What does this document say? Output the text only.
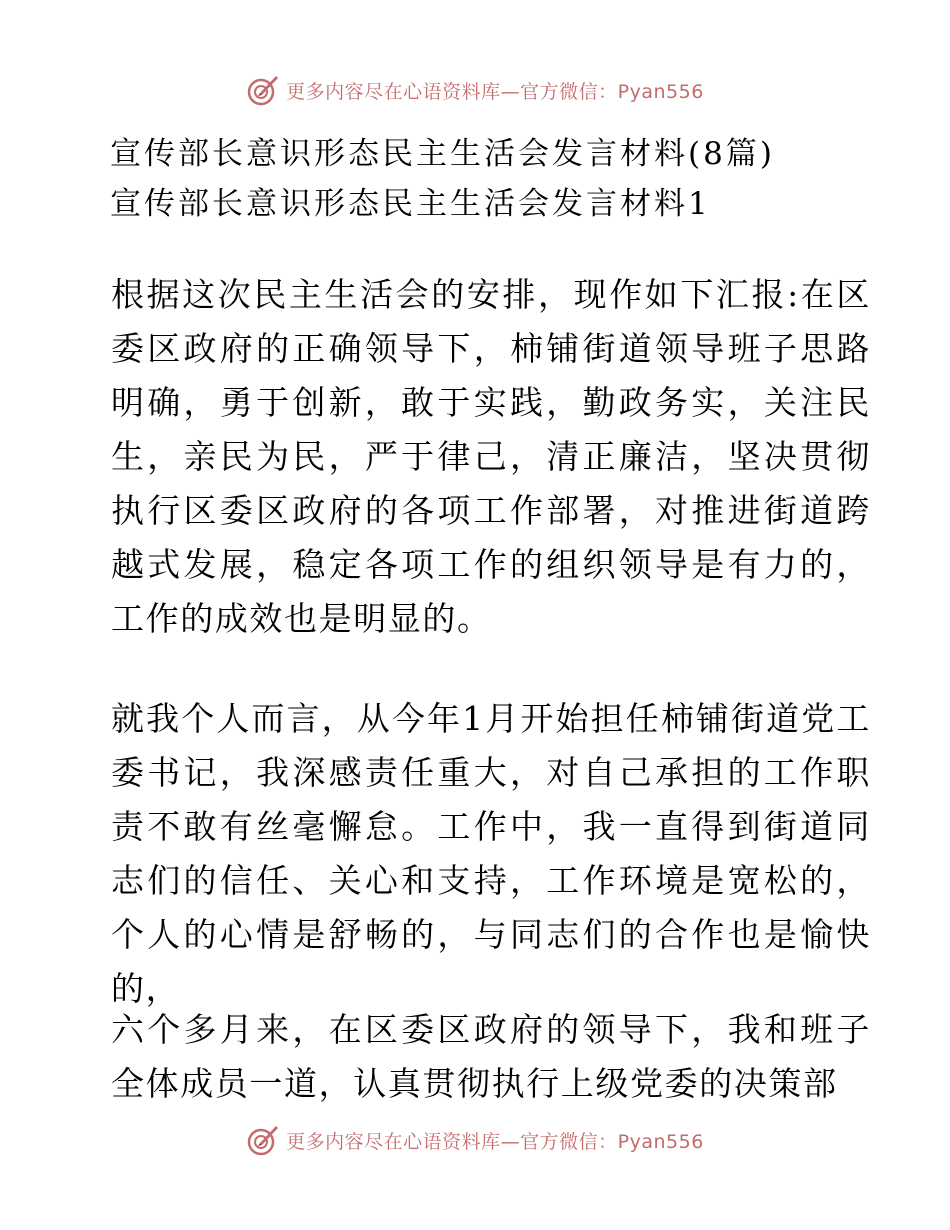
更多内容尽在心语资料库—官方微信：Pyan556
宣传部长意识形态民主生活会发言材料(8篇)
宣传部长意识形态民主生活会发言材料1

根据这次民主生活会的安排，现作如下汇报:在区委区政府的正确领导下，柿铺街道领导班子思路明确，勇于创新，敢于实践，勤政务实，关注民生，亲民为民，严于律己，清正廉洁，坚决贯彻执行区委区政府的各项工作部署，对推进街道跨越式发展，稳定各项工作的组织领导是有力的，工作的成效也是明显的。

就我个人而言，从今年1月开始担任柿铺街道党工委书记，我深感责任重大，对自己承担的工作职责不敢有丝毫懈怠。工作中，我一直得到街道同志们的信任、关心和支持，工作环境是宽松的，个人的心情是舒畅的，与同志们的合作也是愉快的，

六个多月来，在区委区政府的领导下，我和班子全体成员一道，认真贯彻执行上级党委的决策部

更多内容尽在心语资料库—官方微信：Pyan556
